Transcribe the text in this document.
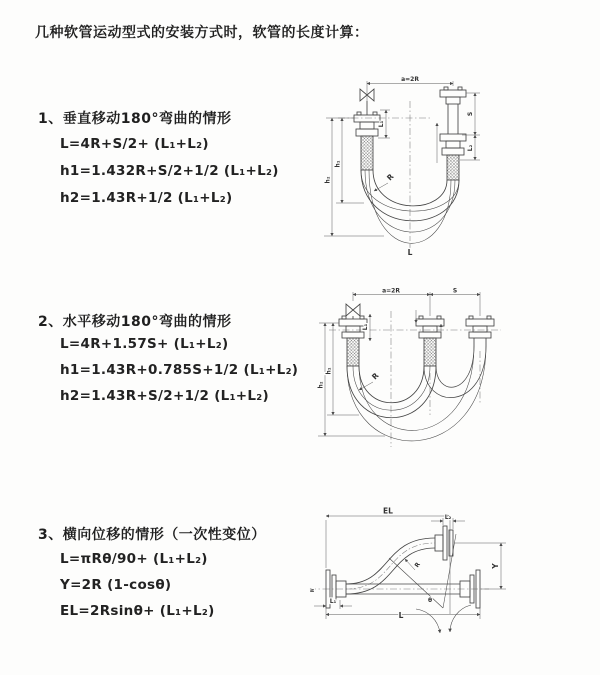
几种软管运动型式的安装方式时，软管的长度计算：
1、垂直移动180°弯曲的情形
L=4R+S/2+ (L₁+L₂)
h1=1.432R+S/2+1/2 (L₁+L₂)
h2=1.43R+1/2 (L₁+L₂)
2、水平移动180°弯曲的情形
L=4R+1.57S+ (L₁+L₂)
h1=1.43R+0.785S+1/2 (L₁+L₂)
h2=1.43R+S/2+1/2 (L₁+L₂)
3、横向位移的情形（一次性变位）
L=πRθ/90+ (L₁+L₂)
Y=2R (1-cosθ)
EL=2Rsinθ+ (L₁+L₂)
a=2R
h₂
h₁
L₁
S
L₂
R
L
a=2R	S
h₂
h₁
L₁
R
EL
L₂
Y
R
θ
L
L₁
≥
